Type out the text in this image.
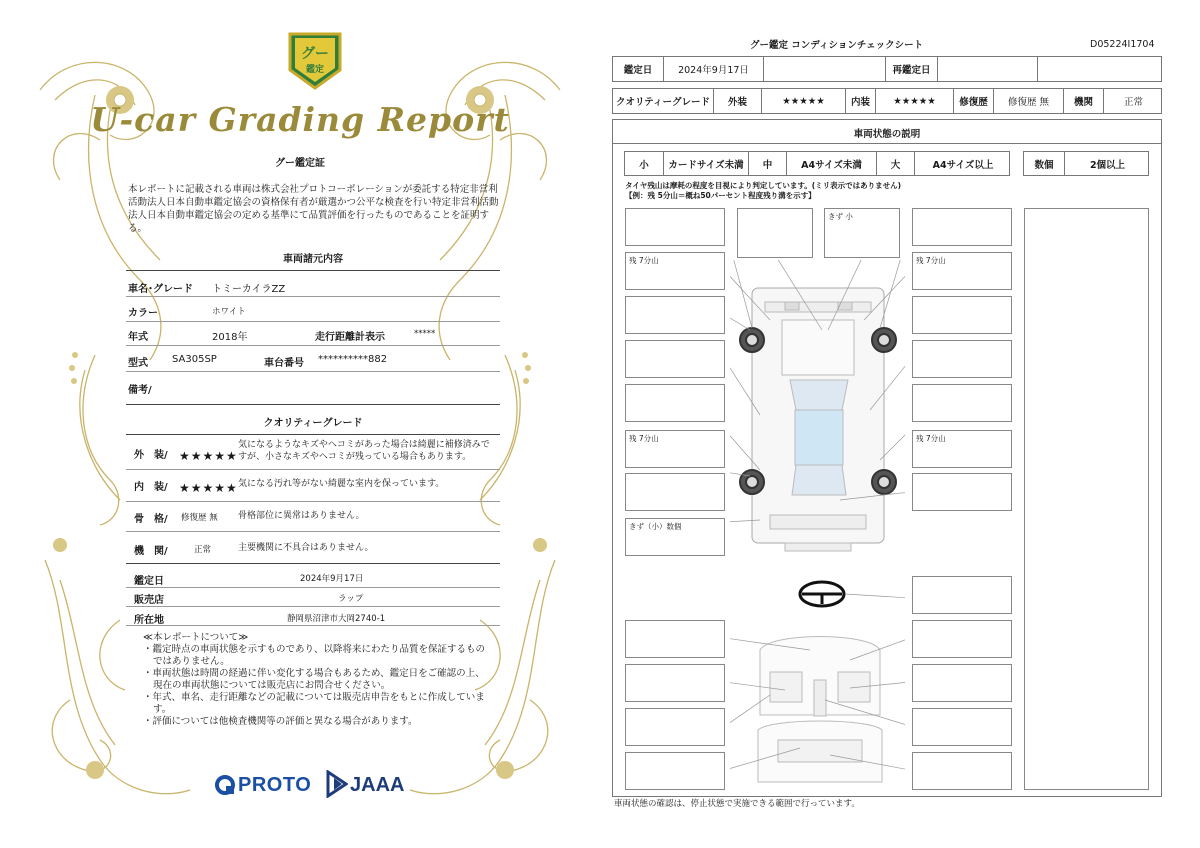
グー
鑑定
U-car Grading Report
グー鑑定証
本レポートに記載される車両は株式会社プロトコーポレーションが委託する特定非営利活動法人日本自動車鑑定協会の資格保有者が厳選かつ公平な検査を行い特定非営利活動法人日本自動車鑑定協会の定める基準にて品質評価を行ったものであることを証明する。
車両諸元内容
車名･グレード トミーカイラZZ
カラー	ホワイト
年式	2018年	走行距離計表示	*****
型式 SA305SP	車台番号 **********882
備考/
クオリティーグレード
外　装/ ★★★★★
気になるようなキズやヘコミがあった場合は綺麗に補修済みですが、小さなキズやヘコミが残っている場合もあります。
内　装/ ★★★★★ 気になる汚れ等がない綺麗な室内を保っています。
骨　格/ 修復歴 無 骨格部位に異常はありません。
機　関/	正常	主要機関に不具合はありません。
鑑定日	2024年9月17日
販売店	ラップ
所在地	静岡県沼津市大岡2740-1
≪本レポートについて≫
・鑑定時点の車両状態を示すものであり、以降将来にわたり品質を保証するものではありません。
・車両状態は時間の経過に伴い変化する場合もあるため、鑑定日をご確認の上、現在の車両状態については販売店にお問合せください。
・年式、車名、走行距離などの記載については販売店申告をもとに作成しています。
・評価については他検査機関等の評価と異なる場合があります。
PROTO JAAA
グー鑑定 コンディションチェックシート	D05224I1704
鑑定日	2024年9月17日	再鑑定日
クオリティーグレード	外装	★★★★★	内装	★★★★★	修復歴	修復歴 無	機関	正常
車両状態の説明
小	カードサイズ未満	中	A4サイズ未満	大	A4サイズ以上	数個	2個以上
タイヤ残山は摩耗の程度を目視により判定しています。(ミリ表示ではありません)
【例：残 5分山＝概ね50パーセント程度残り溝を示す】
残 7分山
残 7分山
きず（小）数個
きず 小
残 7分山
残 7分山
車両状態の確認は、停止状態で実施できる範囲で行っています。
